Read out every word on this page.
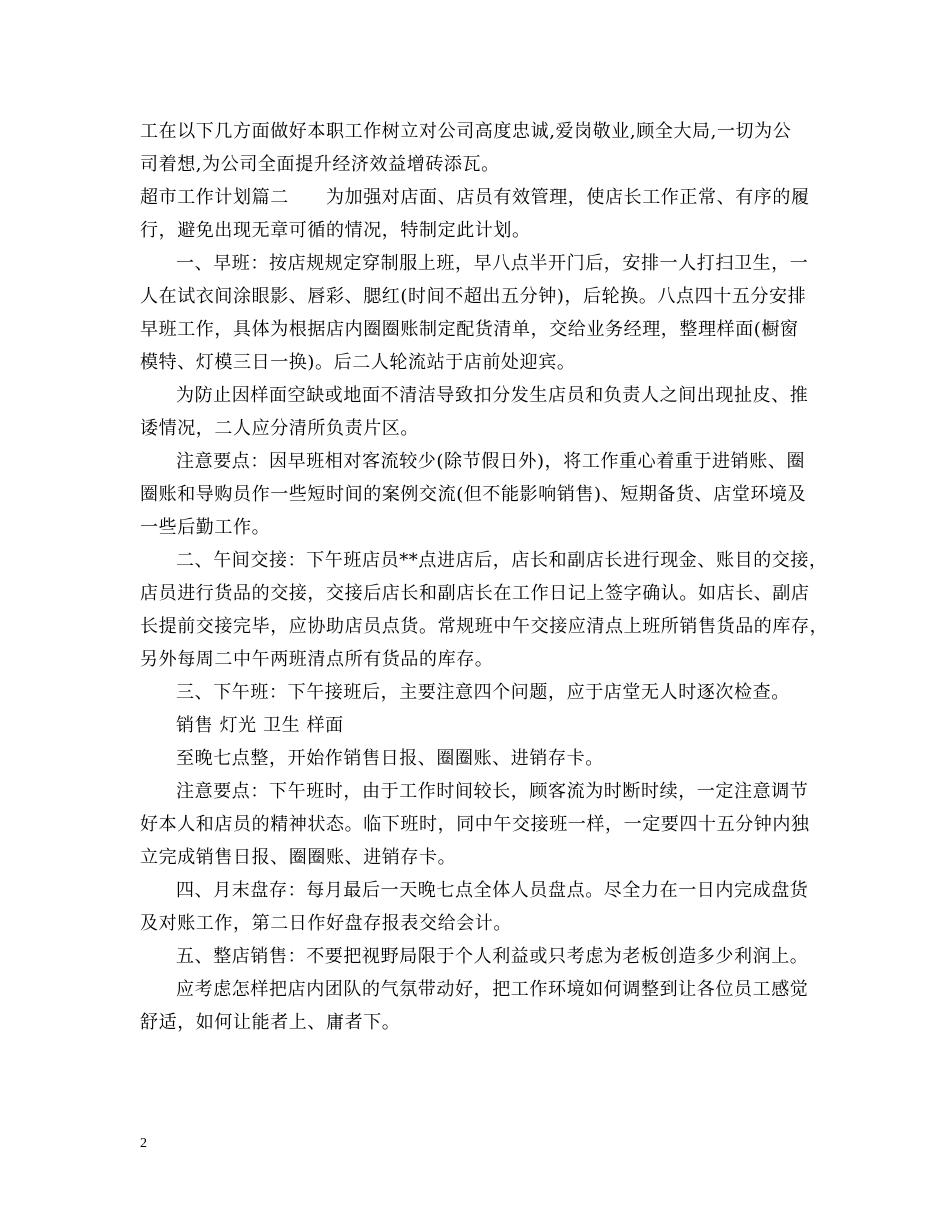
工在以下几方面做好本职工作树立对公司高度忠诚,爱岗敬业,顾全大局,一切为公
司着想,为公司全面提升经济效益增砖添瓦。
超市工作计划篇二　　为加强对店面、店员有效管理，使店长工作正常、有序的履
行，避免出现无章可循的情况，特制定此计划。
一、早班：按店规规定穿制服上班，早八点半开门后，安排一人打扫卫生，一
人在试衣间涂眼影、唇彩、腮红(时间不超出五分钟)，后轮换。八点四十五分安排
早班工作，具体为根据店内圈圈账制定配货清单，交给业务经理，整理样面(橱窗
模特、灯模三日一换)。后二人轮流站于店前处迎宾。
为防止因样面空缺或地面不清洁导致扣分发生店员和负责人之间出现扯皮、推
诿情况，二人应分清所负责片区。
注意要点：因早班相对客流较少(除节假日外)，将工作重心着重于进销账、圈
圈账和导购员作一些短时间的案例交流(但不能影响销售)、短期备货、店堂环境及
一些后勤工作。
二、午间交接：下午班店员**点进店后，店长和副店长进行现金、账目的交接，
店员进行货品的交接，交接后店长和副店长在工作日记上签字确认。如店长、副店
长提前交接完毕，应协助店员点货。常规班中午交接应清点上班所销售货品的库存，
另外每周二中午两班清点所有货品的库存。
三、下午班：下午接班后，主要注意四个问题，应于店堂无人时逐次检查。
销售 灯光 卫生 样面
至晚七点整，开始作销售日报、圈圈账、进销存卡。
注意要点：下午班时，由于工作时间较长，顾客流为时断时续，一定注意调节
好本人和店员的精神状态。临下班时，同中午交接班一样，一定要四十五分钟内独
立完成销售日报、圈圈账、进销存卡。
四、月末盘存：每月最后一天晚七点全体人员盘点。尽全力在一日内完成盘货
及对账工作，第二日作好盘存报表交给会计。
五、整店销售：不要把视野局限于个人利益或只考虑为老板创造多少利润上。
应考虑怎样把店内团队的气氛带动好，把工作环境如何调整到让各位员工感觉
舒适，如何让能者上、庸者下。
2
